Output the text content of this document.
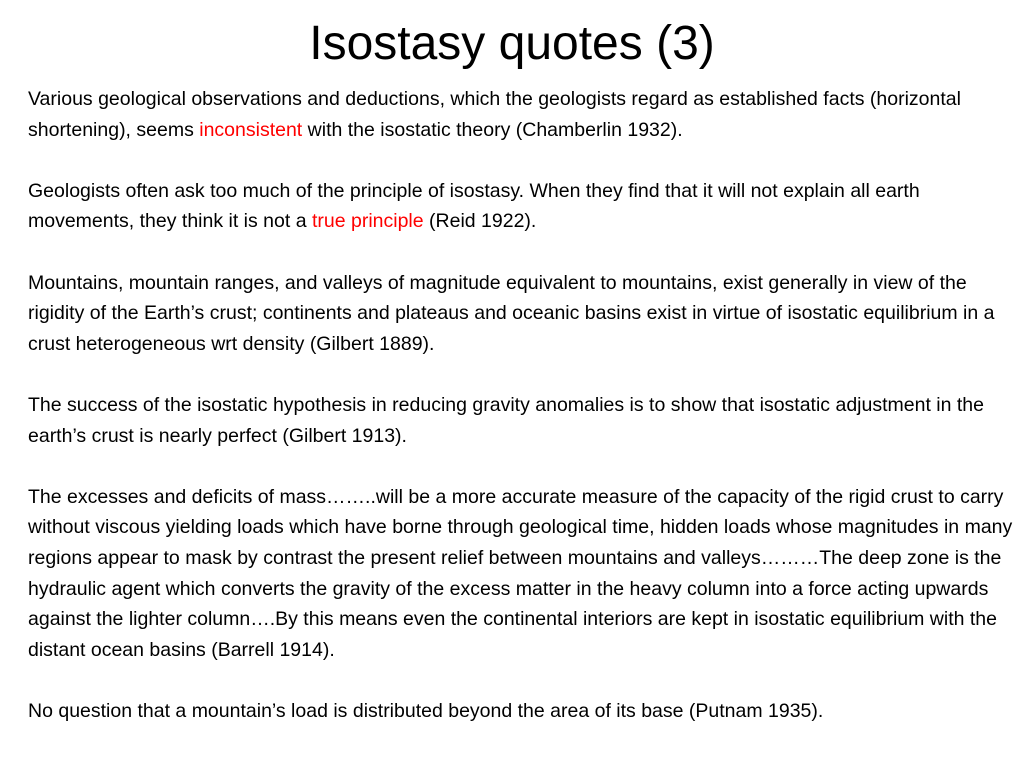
Isostasy quotes (3)

Various geological observations and deductions, which the geologists regard as established facts (horizontal shortening), seems inconsistent with the isostatic theory (Chamberlin 1932).

Geologists often ask too much of the principle of isostasy. When they find that it will not explain all earth movements, they think it is not a true principle (Reid 1922).

Mountains, mountain ranges, and valleys of magnitude equivalent to mountains, exist generally in view of the rigidity of the Earth’s crust; continents and plateaus and oceanic basins exist in virtue of isostatic equilibrium in a crust heterogeneous wrt density (Gilbert 1889).

The success of the isostatic hypothesis in reducing gravity anomalies is to show that isostatic adjustment in the earth’s crust is nearly perfect (Gilbert 1913).

The excesses and deficits of mass……..will be a more accurate measure of the capacity of the rigid crust to carry without viscous yielding loads which have borne through geological time, hidden loads whose magnitudes in many regions appear to mask by contrast the present relief between mountains and valleys………The deep zone is the hydraulic agent which converts the gravity of the excess matter in the heavy column into a force acting upwards against the lighter column….By this means even the continental interiors are kept in isostatic equilibrium with the distant ocean basins (Barrell 1914).

No question that a mountain’s load is distributed beyond the area of its base (Putnam 1935).
